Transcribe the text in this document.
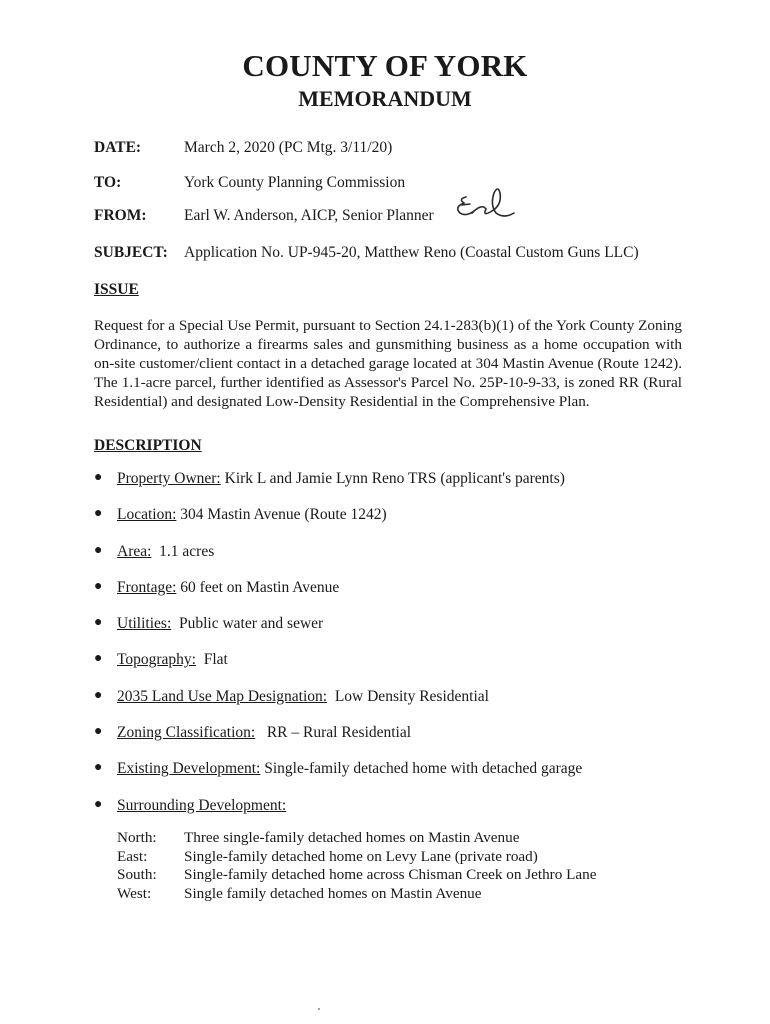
COUNTY OF YORK
MEMORANDUM
DATE:	March 2, 2020 (PC Mtg. 3/11/20)
TO:	York County Planning Commission
FROM: Earl W. Anderson, AICP, Senior Planner
SUBJECT: Application No. UP-945-20, Matthew Reno (Coastal Custom Guns LLC)
ISSUE

Request for a Special Use Permit, pursuant to Section 24.1-283(b)(1) of the York County Zoning Ordinance, to authorize a firearms sales and gunsmithing business as a home occupation with on-site customer/client contact in a detached garage located at 304 Mastin Avenue (Route 1242). The 1.1-acre parcel, further identified as Assessor's Parcel No. 25P-10-9-33, is zoned RR (Rural Residential) and designated Low-Density Residential in the Comprehensive Plan.

DESCRIPTION
● Property Owner: Kirk L and Jamie Lynn Reno TRS (applicant's parents)
● Location: 304 Mastin Avenue (Route 1242)
● Area:  1.1 acres
● Frontage: 60 feet on Mastin Avenue
● Utilities:  Public water and sewer
● Topography:  Flat
● 2035 Land Use Map Designation:  Low Density Residential
● Zoning Classification:   RR – Rural Residential
● Existing Development: Single-family detached home with detached garage
● Surrounding Development:
North: Three single-family detached homes on Mastin Avenue
East: Single-family detached home on Levy Lane (private road)
South: Single-family detached home across Chisman Creek on Jethro Lane
West: Single family detached homes on Mastin Avenue
